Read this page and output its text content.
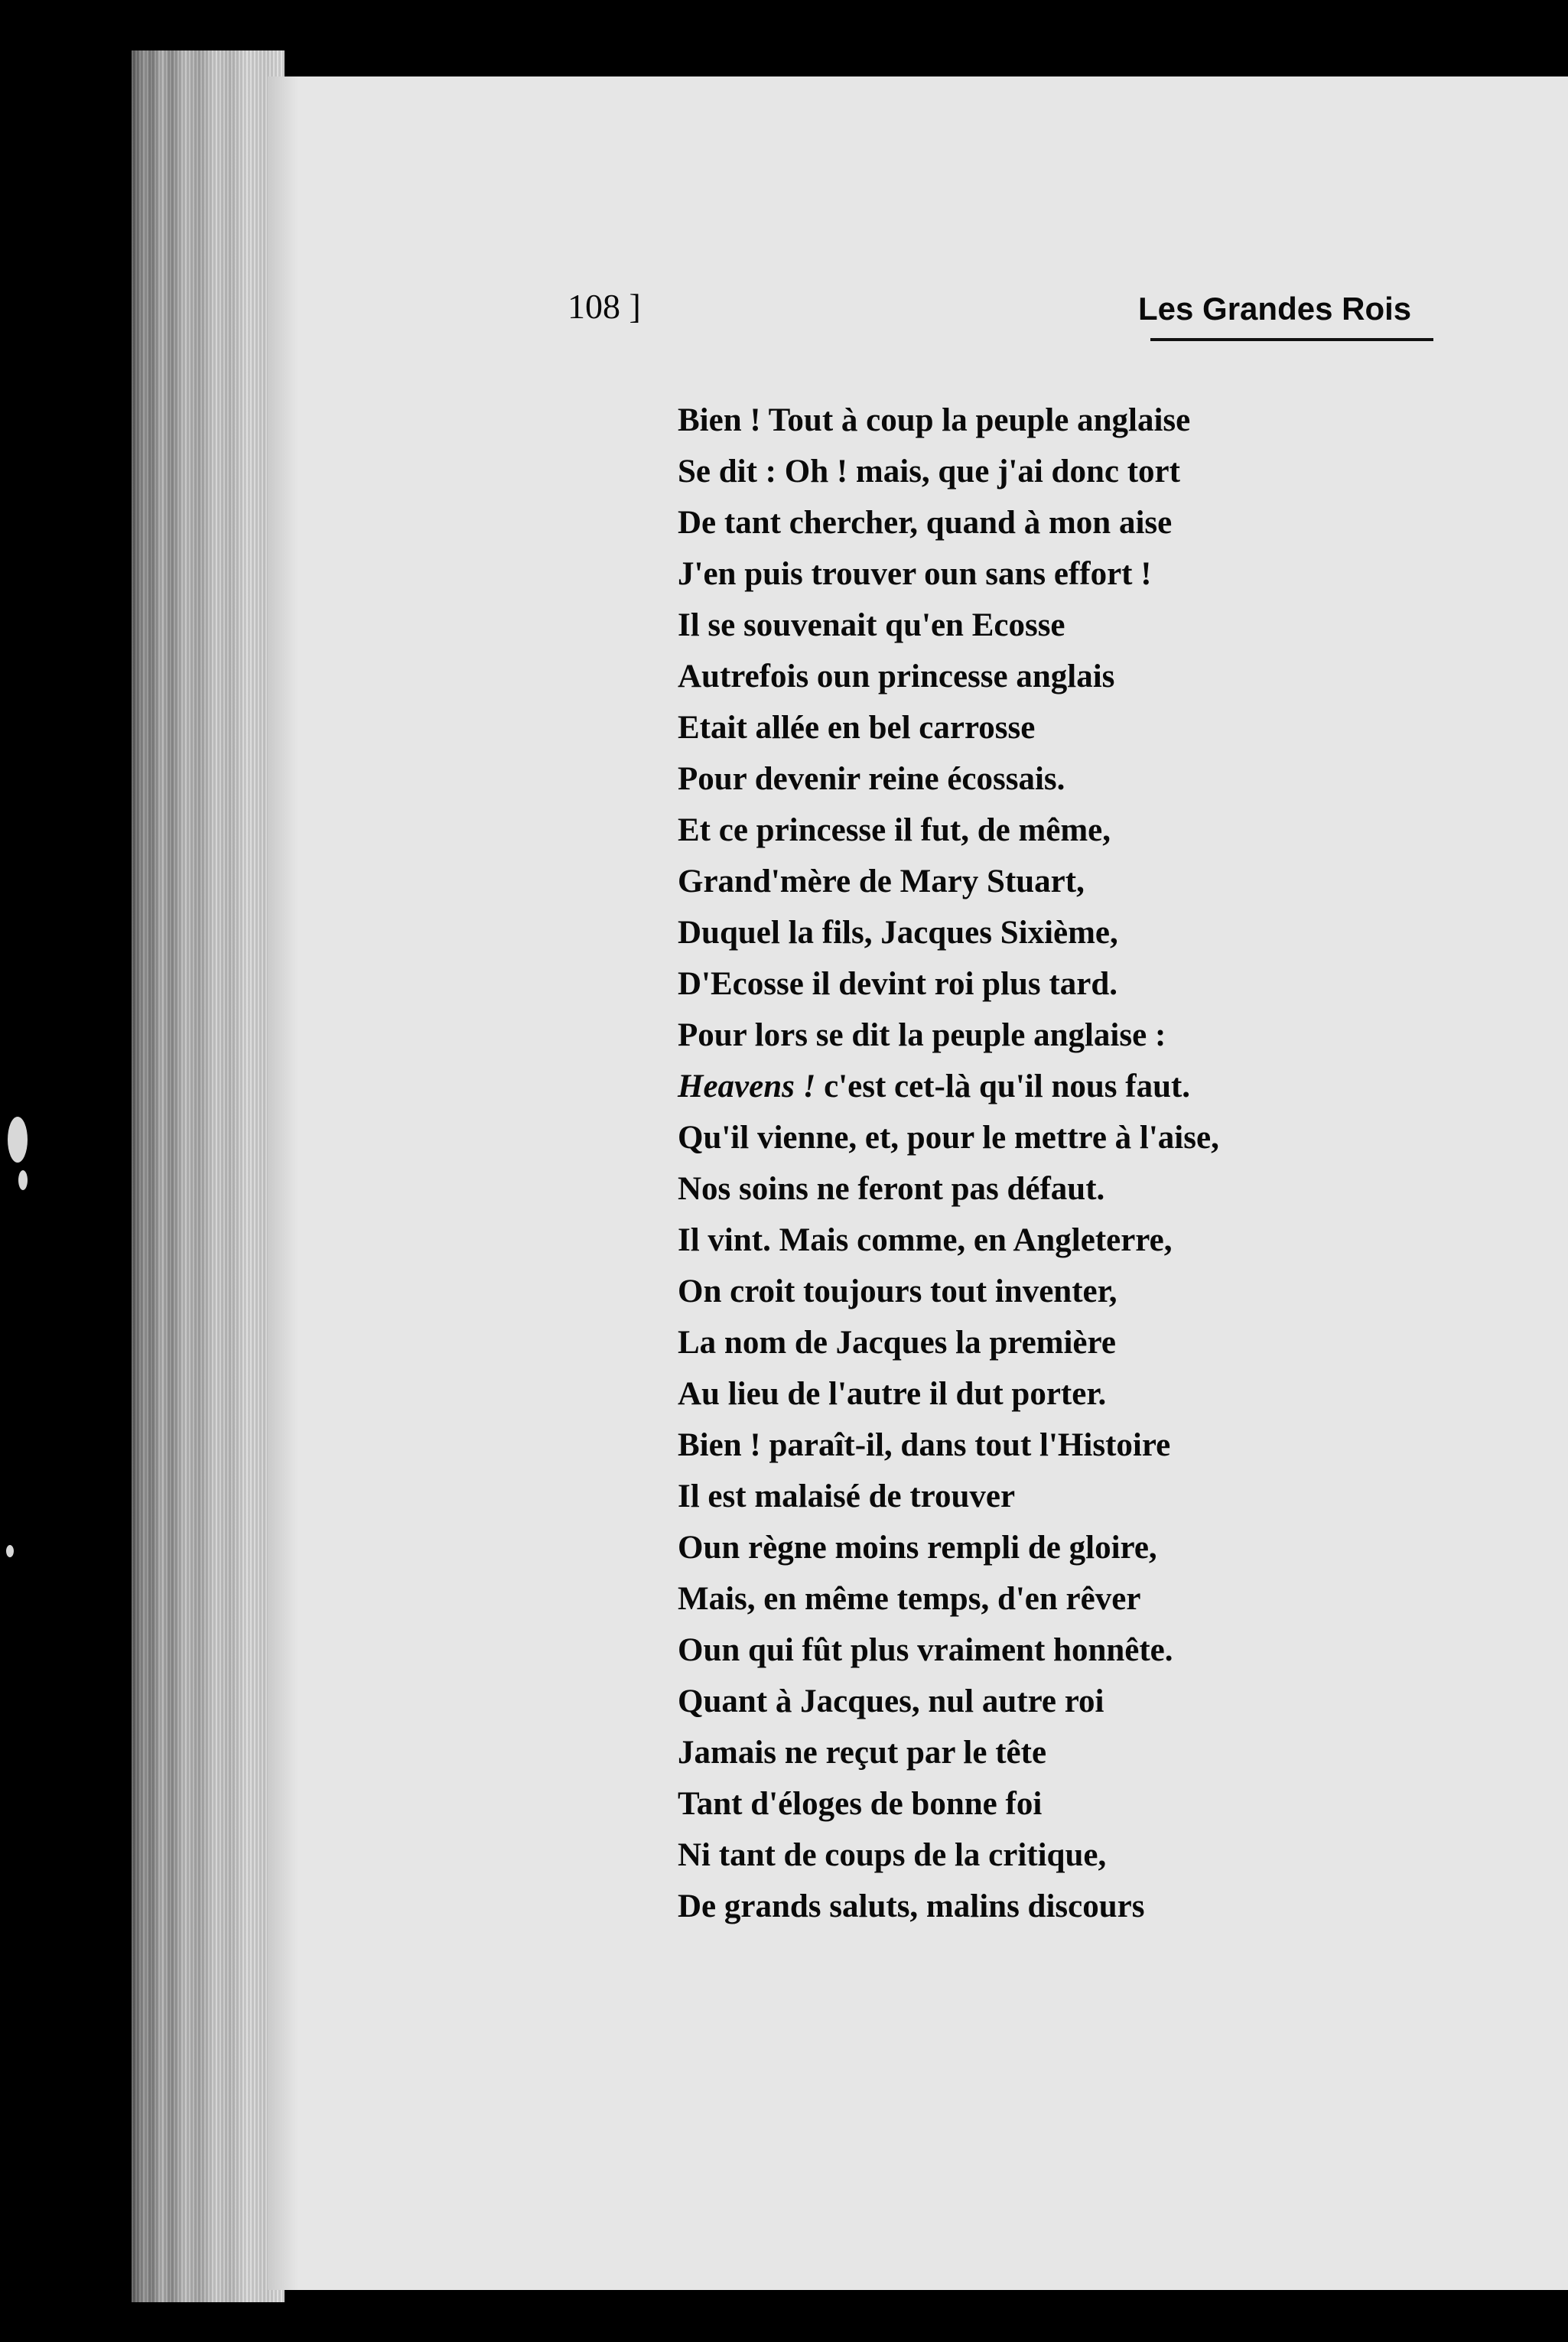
108 ]	Les Grandes Rois
Bien ! Tout à coup la peuple anglaise
Se dit : Oh ! mais, que j'ai donc tort
De tant chercher, quand à mon aise
J'en puis trouver oun sans effort !
Il se souvenait qu'en Ecosse
Autrefois oun princesse anglais
Etait allée en bel carrosse
Pour devenir reine écossais.
Et ce princesse il fut, de même,
Grand'mère de Mary Stuart,
Duquel la fils, Jacques Sixième,
D'Ecosse il devint roi plus tard.
Pour lors se dit la peuple anglaise :
Heavens ! c'est cet-là qu'il nous faut.
Qu'il vienne, et, pour le mettre à l'aise,
Nos soins ne feront pas défaut.
Il vint. Mais comme, en Angleterre,
On croit toujours tout inventer,
La nom de Jacques la première
Au lieu de l'autre il dut porter.
Bien ! paraît-il, dans tout l'Histoire
Il est malaisé de trouver
Oun règne moins rempli de gloire,
Mais, en même temps, d'en rêver
Oun qui fût plus vraiment honnête.
Quant à Jacques, nul autre roi
Jamais ne reçut par le tête
Tant d'éloges de bonne foi
Ni tant de coups de la critique,
De grands saluts, malins discours
